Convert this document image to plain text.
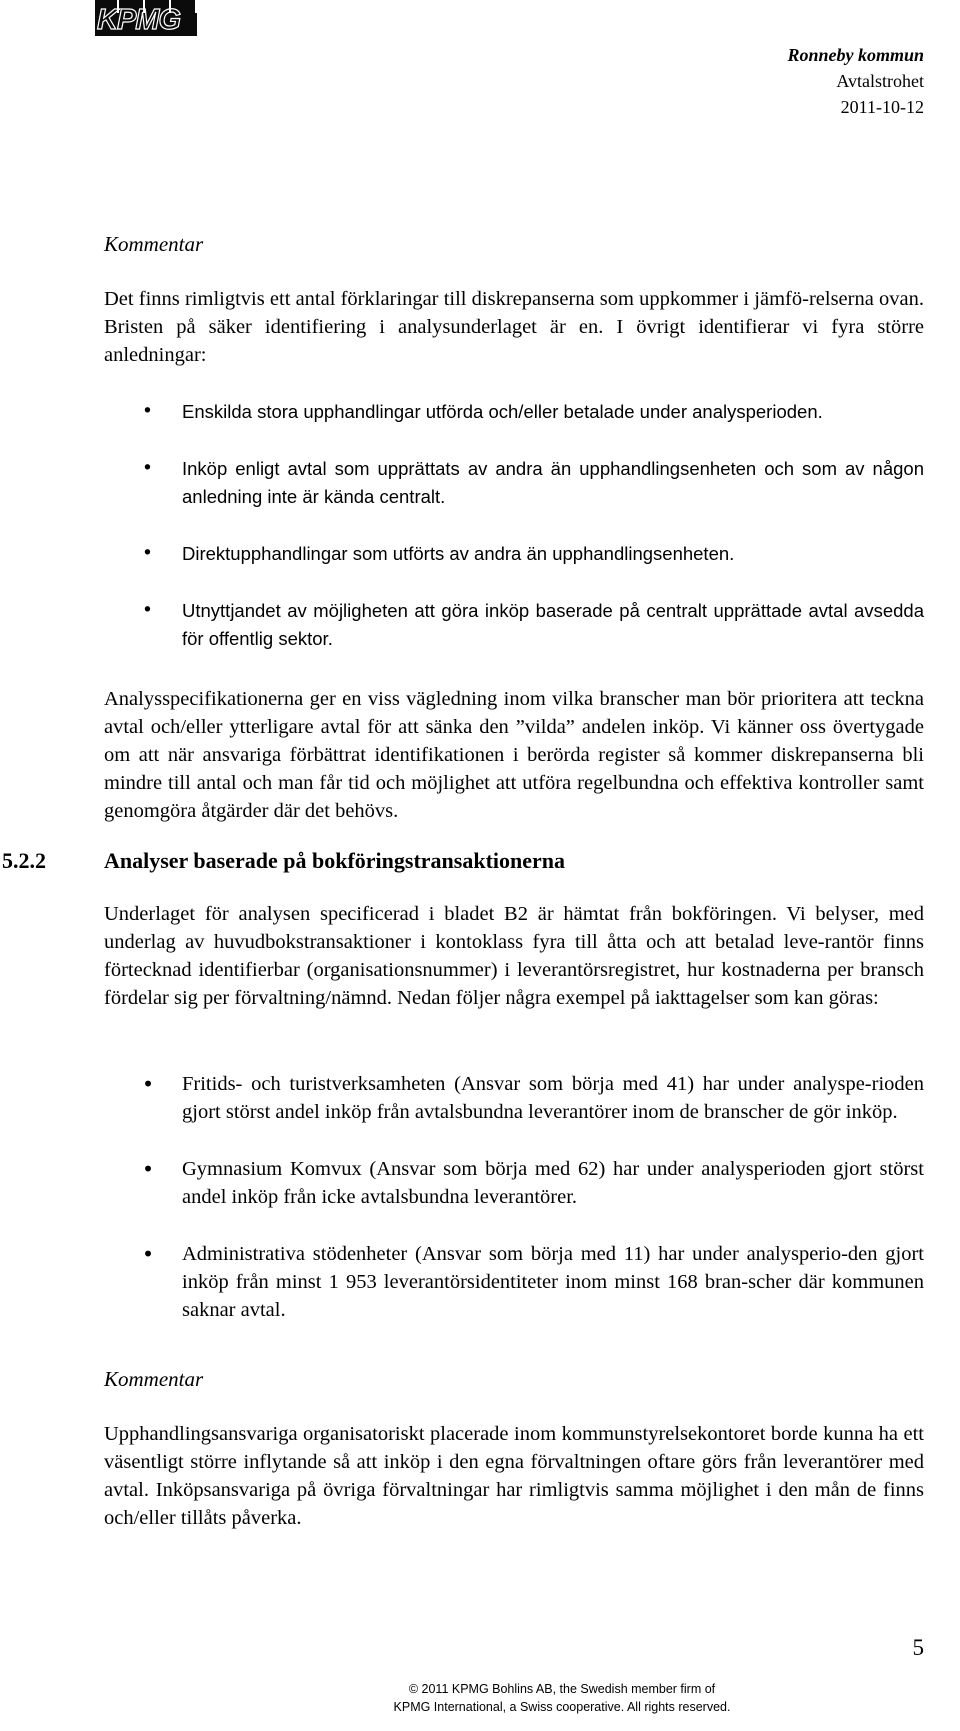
KPMG
Ronneby kommun
Avtalstrohet
2011-10-12
Kommentar
Det finns rimligtvis ett antal förklaringar till diskrepanserna som uppkommer i jämfö-relserna ovan. Bristen på säker identifiering i analysunderlaget är en. I övrigt identifierar vi fyra större anledningar:
• Enskilda stora upphandlingar utförda och/eller betalade under analysperioden.
• Inköp enligt avtal som upprättats av andra än upphandlingsenheten och som av någon anledning inte är kända centralt.
• Direktupphandlingar som utförts av andra än upphandlingsenheten.
• Utnyttjandet av möjligheten att göra inköp baserade på centralt upprättade avtal avsedda för offentlig sektor.
Analysspecifikationerna ger en viss vägledning inom vilka branscher man bör prioritera att teckna avtal och/eller ytterligare avtal för att sänka den ”vilda” andelen inköp. Vi känner oss övertygade om att när ansvariga förbättrat identifikationen i berörda register så kommer diskrepanserna bli mindre till antal och man får tid och möjlighet att utföra regelbundna och effektiva kontroller samt genomgöra åtgärder där det behövs.
5.2.2	Analyser baserade på bokföringstransaktionerna
Underlaget för analysen specificerad i bladet B2 är hämtat från bokföringen. Vi belyser, med underlag av huvudbokstransaktioner i kontoklass fyra till åtta och att betalad leve-rantör finns förtecknad identifierbar (organisationsnummer) i leverantörsregistret, hur kostnaderna per bransch fördelar sig per förvaltning/nämnd. Nedan följer några exempel på iakttagelser som kan göras:
• Fritids- och turistverksamheten (Ansvar som börja med 41) har under analyspe-rioden gjort störst andel inköp från avtalsbundna leverantörer inom de branscher de gör inköp.
• Gymnasium Komvux (Ansvar som börja med 62) har under analysperioden gjort störst andel inköp från icke avtalsbundna leverantörer.
• Administrativa stödenheter (Ansvar som börja med 11) har under analysperio-den gjort inköp från minst 1 953 leverantörsidentiteter inom minst 168 bran-scher där kommunen saknar avtal.
Kommentar
Upphandlingsansvariga organisatoriskt placerade inom kommunstyrelsekontoret borde kunna ha ett väsentligt större inflytande så att inköp i den egna förvaltningen oftare görs från leverantörer med avtal. Inköpsansvariga på övriga förvaltningar har rimligtvis samma möjlighet i den mån de finns och/eller tillåts påverka.
5
© 2011 KPMG Bohlins AB, the Swedish member firm of
KPMG International, a Swiss cooperative. All rights reserved.
